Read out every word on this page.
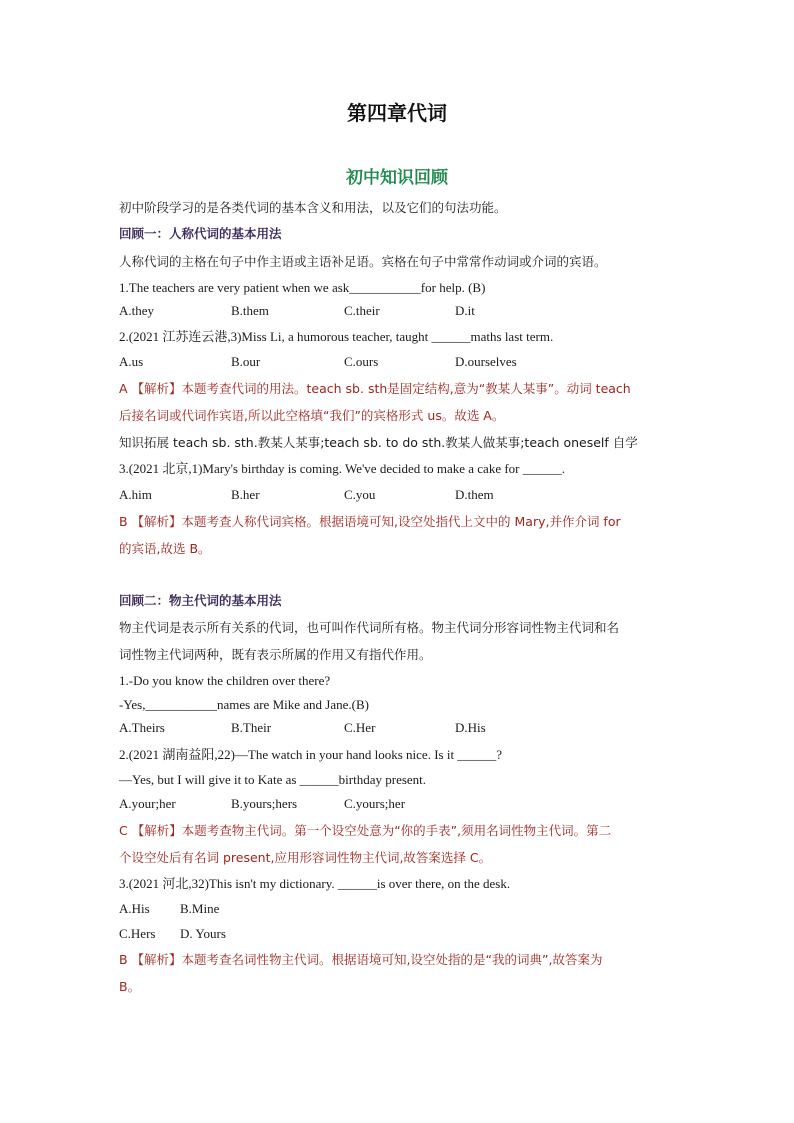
第四章代词
初中知识回顾
初中阶段学习的是各类代词的基本含义和用法，以及它们的句法功能。
回顾一：人称代词的基本用法
人称代词的主格在句子中作主语或主语补足语。宾格在句子中常常作动词或介词的宾语。
1.The teachers are very patient when we ask___________for help. (B)
A.they	B.them	C.their	D.it
2.(2021 江苏连云港,3)Miss Li, a humorous teacher, taught ______maths last term.
A.us	B.our	C.ours	D.ourselves
A 【解析】本题考查代词的用法。teach sb. sth是固定结构,意为“教某人某事”。动词 teach
后接名词或代词作宾语,所以此空格填“我们”的宾格形式 us。故选 A。
知识拓展 teach sb. sth.教某人某事;teach sb. to do sth.教某人做某事;teach oneself 自学
3.(2021 北京,1)Mary's birthday is coming. We've decided to make a cake for ______.
A.him	B.her	C.you	D.them
B 【解析】本题考查人称代词宾格。根据语境可知,设空处指代上文中的 Mary,并作介词 for
的宾语,故选 B。
回顾二：物主代词的基本用法
物主代词是表示所有关系的代词，也可叫作代词所有格。物主代词分形容词性物主代词和名
词性物主代词两种，既有表示所属的作用又有指代作用。
1.-Do you know the children over there?
-Yes,___________names are Mike and Jane.(B)
A.Theirs	B.Their	C.Her	D.His
2.(2021 湖南益阳,22)—The watch in your hand looks nice. Is it ______?
—Yes, but I will give it to Kate as ______birthday present.
A.your;her	B.yours;hers	C.yours;her
C 【解析】本题考查物主代词。第一个设空处意为“你的手表”,须用名词性物主代词。第二
个设空处后有名词 present,应用形容词性物主代词,故答案选择 C。
3.(2021 河北,32)This isn't my dictionary. ______is over there, on the desk.
A.His B.Mine
C.Hers D. Yours
B 【解析】本题考查名词性物主代词。根据语境可知,设空处指的是“我的词典”,故答案为
B。
